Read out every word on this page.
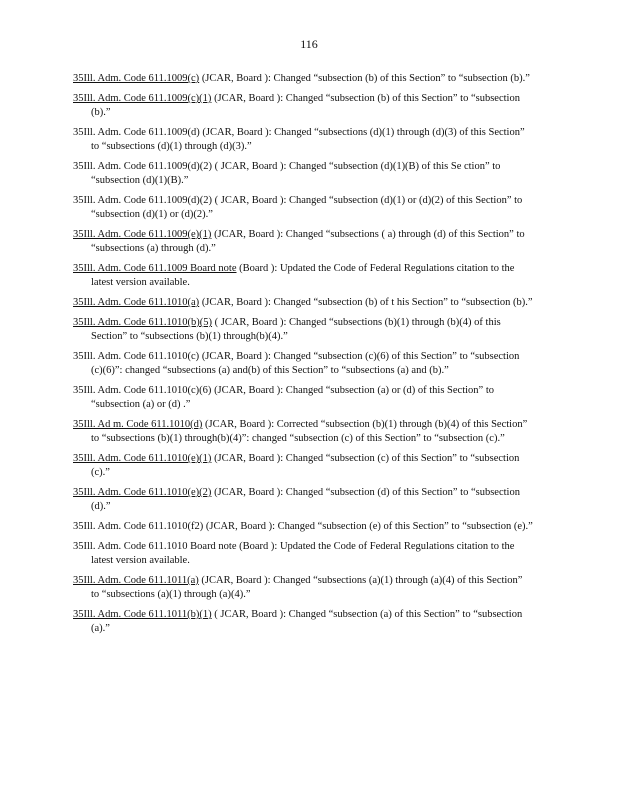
116
35Ill. Adm. Code 611.1009(c) (JCAR, Board ): Changed “subsection (b) of this Section” to “subsection (b).”
35Ill. Adm. Code 611.1009(c)(1) (JCAR, Board ): Changed “subsection (b) of this Section” to “subsection (b).”
35Ill. Adm. Code 611.1009(d) (JCAR, Board ): Changed “subsections (d)(1) through (d)(3) of this Section” to “subsections (d)(1) through (d)(3).”
35Ill. Adm. Code 611.1009(d)(2) ( JCAR, Board ): Changed “subsection (d)(1)(B) of this Se ction” to “subsection (d)(1)(B).”
35Ill. Adm. Code 611.1009(d)(2) ( JCAR, Board ): Changed “subsection (d)(1) or (d)(2) of this Section” to “subsection (d)(1) or (d)(2).”
35Ill. Adm. Code 611.1009(e)(1) (JCAR, Board ): Changed “subsections ( a) through (d) of this Section” to “subsections (a) through (d).”
35Ill. Adm. Code 611.1009 Board note (Board ): Updated the Code of Federal Regulations citation to the latest version available.
35Ill. Adm. Code 611.1010(a) (JCAR, Board ): Changed “subsection (b) of t his Section” to “subsection (b).”
35Ill. Adm. Code 611.1010(b)(5) ( JCAR, Board ): Changed “subsections (b)(1) through (b)(4) of this Section” to “subsections (b)(1) through(b)(4).”
35Ill. Adm. Code 611.1010(c) (JCAR, Board ): Changed “subsection (c)(6) of this Section” to “subsection (c)(6)”: changed “subsections (a) and(b) of this Section” to “subsections (a) and (b).”
35Ill. Adm. Code 611.1010(c)(6) (JCAR, Board ): Changed “subsection (a) or (d) of this Section” to “subsection (a) or (d) .”
35Ill. Ad m. Code 611.1010(d) (JCAR, Board ): Corrected “subsection (b)(1) through (b)(4) of this Section” to “subsections (b)(1) through(b)(4)”: changed “subsection (c) of this Section” to “subsection (c).”
35Ill. Adm. Code 611.1010(e)(1) (JCAR, Board ): Changed “subsection (c) of this Section” to “subsection (c).”
35Ill. Adm. Code 611.1010(e)(2) (JCAR, Board ): Changed “subsection (d) of this Section” to “subsection (d).”
35Ill. Adm. Code 611.1010(f2) (JCAR, Board ): Changed “subsection (e) of this Section” to “subsection (e).”
35Ill. Adm. Code 611.1010 Board note (Board ): Updated the Code of Federal Regulations citation to the latest version available.
35Ill. Adm. Code 611.1011(a) (JCAR, Board ): Changed “subsections (a)(1) through (a)(4) of this Section” to “subsections (a)(1) through (a)(4).”
35Ill. Adm. Code 611.1011(b)(1) ( JCAR, Board ): Changed “subsection (a) of this Section” to “subsection (a).”
